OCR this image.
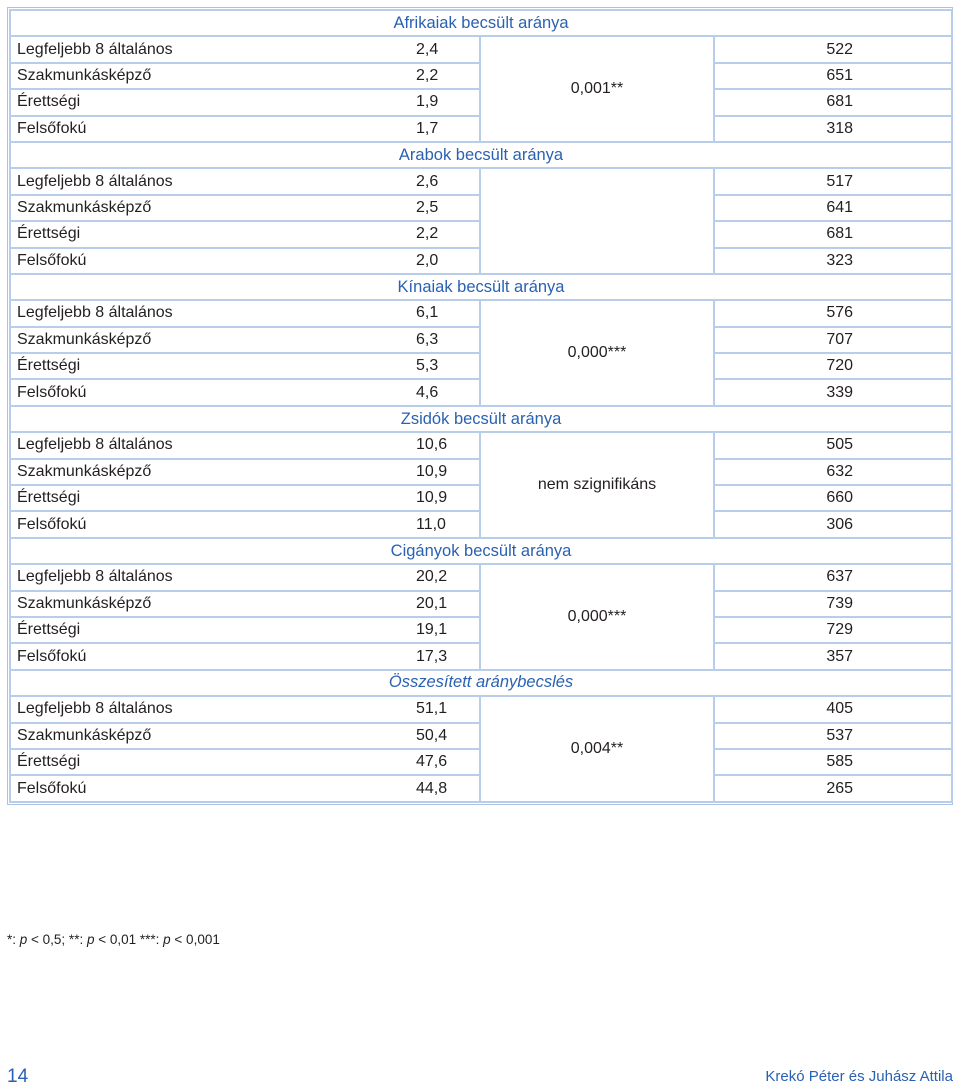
Afrikaiak becsült aránya			
Legfeljebb 8 általános	2,4	0,001**	522
Szakmunkásképző	2,2		651
Érettségi	1,9		681
Felsőfokú	1,7		318
Arabok becsült aránya			
Legfeljebb 8 általános	2,6		517
Szakmunkásképző	2,5		641
Érettségi	2,2		681
Felsőfokú	2,0		323
Kínaiak becsült aránya			
Legfeljebb 8 általános	6,1	0,000***	576
Szakmunkásképző	6,3		707
Érettségi	5,3		720
Felsőfokú	4,6		339
Zsidók becsült aránya			
Legfeljebb 8 általános	10,6	nem szignifikáns	505
Szakmunkásképző	10,9		632
Érettségi	10,9		660
Felsőfokú	11,0		306
Cigányok becsült aránya			
Legfeljebb 8 általános	20,2	0,000***	637
Szakmunkásképző	20,1		739
Érettségi	19,1		729
Felsőfokú	17,3		357
Összesített aránybecslés			
Legfeljebb 8 általános	51,1	0,004**	405
Szakmunkásképző	50,4		537
Érettségi	47,6		585
Felsőfokú	44,8		265
*: p < 0,5; **: p < 0,01 ***: p < 0,001
14	Krekó Péter és Juhász Attila
